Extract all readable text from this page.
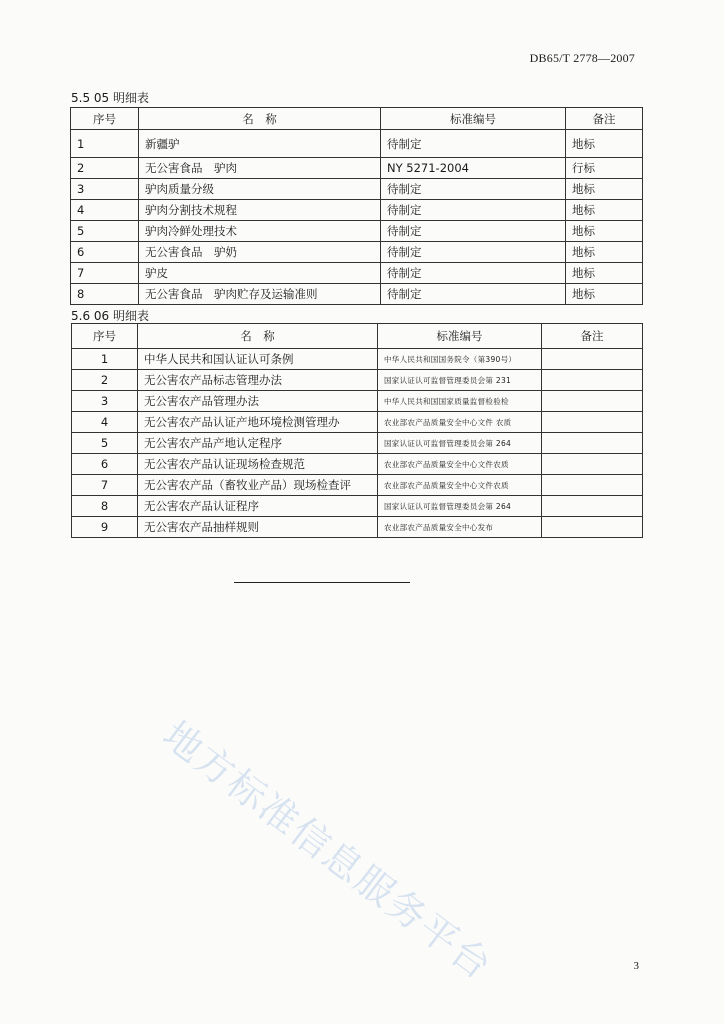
DB65/T 2778—2007
5.5 05 明细表
序号	名　称	标准编号	备注
1	新疆驴	待制定	地标
2	无公害食品　驴肉	NY 5271-2004	行标
3	驴肉质量分级	待制定	地标
4	驴肉分割技术规程	待制定	地标
5	驴肉冷鲜处理技术	待制定	地标
6	无公害食品　驴奶	待制定	地标
7	驴皮	待制定	地标
8	无公害食品　驴肉贮存及运输准则	待制定	地标
5.6 06 明细表
序号	名　称	标准编号	备注
1	中华人民共和国认证认可条例	中华人民共和国国务院令（第390号）	
2	无公害农产品标志管理办法	国家认证认可监督管理委员会第 231	
3	无公害农产品管理办法	中华人民共和国国家质量监督检验检	
4	无公害农产品认证产地环境检测管理办	农业部农产品质量安全中心文件 农质	
5	无公害农产品产地认定程序	国家认证认可监督管理委员会第 264	
6	无公害农产品认证现场检查规范	农业部农产品质量安全中心文件农质	
7	无公害农产品（畜牧业产品）现场检查评	农业部农产品质量安全中心文件农质	
8	无公害农产品认证程序	国家认证认可监督管理委员会第 264	
9	无公害农产品抽样规则	农业部农产品质量安全中心发布	
地方标准信息服务平台	3
